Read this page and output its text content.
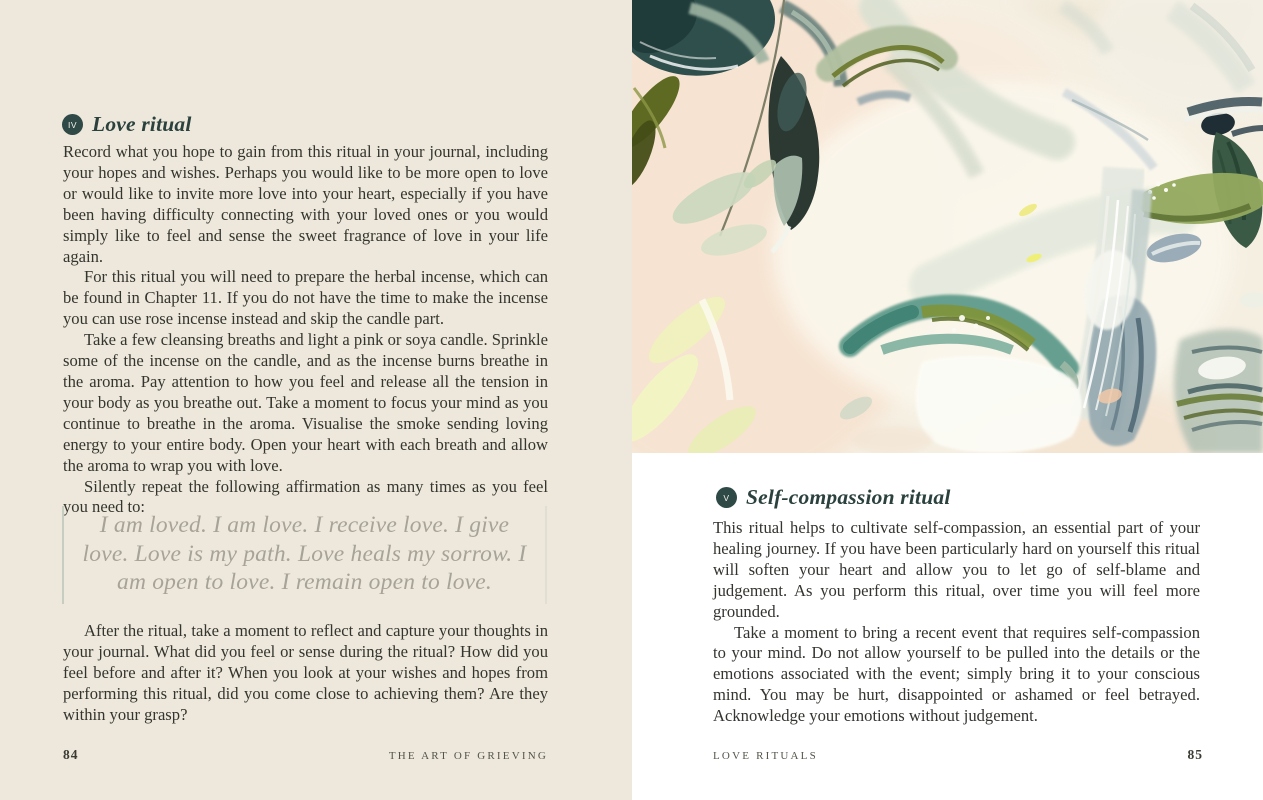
IV Love ritual

Record what you hope to gain from this ritual in your journal, including your hopes and wishes. Perhaps you would like to be more open to love or would like to invite more love into your heart, especially if you have been having difficulty connecting with your loved ones or you would simply like to feel and sense the sweet fragrance of love in your life again.

For this ritual you will need to prepare the herbal incense, which can be found in Chapter 11. If you do not have the time to make the incense you can use rose incense instead and skip the candle part.

Take a few cleansing breaths and light a pink or soya candle. Sprinkle some of the incense on the candle, and as the incense burns breathe in the aroma. Pay attention to how you feel and release all the tension in your body as you breathe out. Take a moment to focus your mind as you continue to breathe in the aroma. Visualise the smoke sending loving energy to your entire body. Open your heart with each breath and allow the aroma to wrap you with love.

Silently repeat the following affirmation as many times as you feel you need to:

I am loved. I am love. I receive love. I give love. Love is my path. Love heals my sorrow. I am open to love. I remain open to love.

After the ritual, take a moment to reflect and capture your thoughts in your journal. What did you feel or sense during the ritual? How did you feel before and after it? When you look at your wishes and hopes from performing this ritual, did you come close to achieving them? Are they within your grasp?

84	THE ART OF GRIEVING
V Self-compassion ritual

This ritual helps to cultivate self-compassion, an essential part of your healing journey. If you have been particularly hard on yourself this ritual will soften your heart and allow you to let go of self-blame and judgement. As you perform this ritual, over time you will feel more grounded.

Take a moment to bring a recent event that requires self-compassion to your mind. Do not allow yourself to be pulled into the details or the emotions associated with the event; simply bring it to your conscious mind. You may be hurt, disappointed or ashamed or feel betrayed. Acknowledge your emotions without judgement.

LOVE RITUALS	85
